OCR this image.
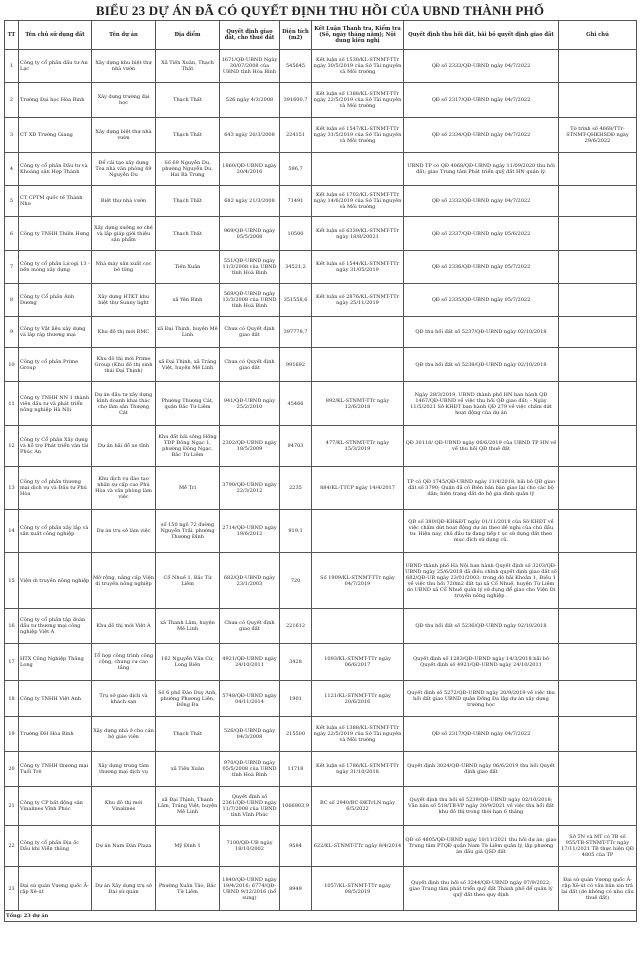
BIỂU 23 DỰ ÁN ĐÃ CÓ QUYẾT ĐỊNH THU HỒI CỦA UBND THÀNH PHỐ
TT	Tên chủ sử dụng đất	Tên dự án	Địa điểm	Quyết định giao đất, cho thuê đất	Diện tích (m2)	Kết Luận Thanh tra, Kiểm tra (Số, ngày tháng năm); Nội dung kiến nghị	Quyết định thu hồi đất, bãi bỏ quyết định giao đất	Ghi chú
1	Công ty cổ phần đầu tư An Lạc	Xây dựng khu biệt thự nhà vườn	Xã Tiến Xuân, Thạch Thất	1671/QĐ-UBND Ngày 30/07/2008 của UBND tỉnh Hòa Bình	545645	Kết luận số 1530/KL-STNMT-TTr ngày 30/5/2019 của Sở Tài nguyên và Môi trường	QĐ số 2333/QĐ-UBND ngày 04/7/2022	
2	Trường Đại học Hòa Bình	Xây dựng trường đại học	Thạch Thất	526 ngày 4/3/2008	391600,7	Kết luận số 1388/KL-STNMT-TTr ngày 22/5/2019 của Sở Tài nguyên và Môi trường	QĐ số 2317/QĐ-UBND ngày 04/7/2022	
3	CT XD Trường Giang	Xây dựng biệt thự nhà vườn	Thạch Thất	643 ngày 20/3/2008	224151	Kết luận số 1547/KL-STNMT-TTr ngày 31/5/2019 của Sở Tài nguyên và Môi trường	QĐ số 2334/QĐ-UBND ngày 04/7/2022	Tờ trình số 4668/TTr-STNMT-QHKHSDĐ ngày 29/6/2022
4	Công ty cổ phần Đầu tư và Khoáng sản Hợp Thành	Để cải tạo xây dựng Tòa nhà văn phòng 69 Nguyễn Du	Số 69 Nguyễn Du, phường Nguyễn Du, Hai Bà Trưng	1860/QĐ-UBND ngày 20/4/2016	596,7		UBND TP có QĐ 4068/QĐ-UBND ngày 11/09/2020 thu hồi đất; giao Trung tâm Phát triển quỹ đất HN quản lý.	
5	CT CPTM quốc tế Thành Nhơ	Biệt thự nhà vườn	Thạch Thất	682 ngày 21/3/2008	71491	Kết luận số 1702/KL-STNMT-TTr ngày 14/6/2019 của Sở Tài nguyên và Môi trường	QĐ số 2332/QĐ-UBND ngày 04/7/2022	
6	Công ty TNHH Thiên Hưng	Xây dựng xưởng sơ chế và lắp giáp giới thiệu sản phẩm	Thạch Thất	969/QĐ-UBND ngày 05/5/2008	10500	Kết luận số 6339/KL-STNMT-TTr ngày 18/8/20021	QĐ số 2337/QĐ-UBND ngày 05/6/2022	
7	Công ty cổ phần Licogi 13 - nền móng xây dựng	Nhà máy sản xuất cọc bê tông	Tiến Xuân	551/QĐ-UBND ngày 11/3/2008 của UBND tỉnh Hoà Bình	34521,2	Kết luận số 1544/KL-STNMT-TTr ngày 31/05/2019	QĐ số 2336/QĐ-UBND ngày 05/7/2022	
8	Công ty Cổ phần Ánh Dương	Xây dựng HTKT khu biệt thự Sunny light	xã Yên Bình	569/QĐ-UBND ngày 13/3/2008 của UBND tỉnh Hoà Bình	351558,6	Kết luận số 2876/KL-STNMT-TTr ngày 25/11/2019	QĐ số 2335/QĐ-UBND ngày 05/7/2022	
9	Công ty Vật liệu xây dựng và lắp ráp thương mại	Khu đô thị mới BMC	xã Đại Thịnh, huyện Mê Linh	Chưa có Quyết định giao đất	397778,7		QĐ thu hồi đất số 5237/QĐ-UBND ngày 02/10/2018	
10	Công ty cổ phần Prime Group	Khu đô thị mới Prime Group (Khu đô thị sinh thái Đại Thịnh)	xã Đại Thịnh, xã Tráng Việt, huyện Mê Linh	Chưa có Quyết định giao đất	991692		QĐ thu hồi đất số 5238/QĐ-UBND ngày 02/10/2018	
11	Công ty TNHH NN 1 thành viên đầu tư và phát triển nông nghiệp Hà Nội	Dự án đầu tư xây dựng kinh doanh khai thác chợ lâm sản Thượng Cát	Phường Thượng Cát, quận Bắc Từ Liêm	941/QĐ-UBND ngày 25/2/2010	45466	892/KL-STNMT-TTr ngày 12/6/2018	Ngày 28/3/2019, UBND thành phố HN ban hành QĐ 1467/QĐ-UBND về việc thu hồi QĐ giao đất; - Ngày 11/5/2021 Sở KHĐT ban hành QĐ 279 về việc chấm dứt hoạt động của dự án	
12	Công ty Cổ phần Xây dựng và hỗ trợ Phát triển văn tài Phúc An	Dự án bãi đỗ xe tĩnh	Khu đất bãi sông Hồng TDP Đông Ngạc 1, phường Đông Ngạc, Bắc Từ Liêm	2302/QĐ-UBND ngày 18/5/2009	94703	477/KL-STNMT-TTr ngày 15/3/2019	QĐ 30118/ QĐ-UBND ngày 06/6/2019 của UBND TP HN về về thu hồi QĐ thuê đất	
13	Công ty cổ phần thương mại dịch vụ và Đầu tư Phú Hòa	Khu dịch vụ đào tạo nhân sự cấp cao Phú Hòa và văn phòng làm việc	Mễ Trì	3790/QĐ-UBND ngày 22/3/2012	2235	884/KL-TTCP ngày 14/4/2017	TP có QĐ 1745/QĐ-UBND ngày 11/4/2018, bãi bỏ QĐ giao đất số 3790; Quận đã có Biên bản bàn giao lại cho các bộ dân; hiện trạng đất do hộ gia đình quản lý	
14	Công ty cổ phần xây lắp và sản xuất công nghiệp	Dự án trụ sở làm việc	số 150 ngõ 72 đường Nguyễn Trãi, phường Thượng Đình	2714/QĐ-UBND ngày 19/6/2012	919,1		QĐ số 380/QĐ-KH&ĐT ngày 01/11/2018 của Sở KHĐT về việc chấm dứt hoạt động dự án theo đề nghị của chủ đầu tư. Hiện nay, chủ đầu tư đang tiếp t ục sử dụng đất theo mục đích sử dụng cũ.	
15	Viện di truyền nông nghiệp	Mở rộng, nâng cấp Viện di truyền nông nghiệp	Cổ Nhuế 1, Bắc Từ Liêm	682/QĐ-UBND ngày 23/1/2003	720	Số 1909/KL-STNMT-TTr ngày 04/7/2019	UBND thành phố Hà Nội ban hành Quyết định số 3203/QĐ-UBND ngày 25/6/2018 đã điều chỉnh quyết định giao đất số 682/QĐ-UB ngày 23/01/2003; trong đó bãi Khoản 1, Điều 1 về việc thu hồi 720m2 đất tại xã Cổ Nhuế, huyện Từ Liêm do UBND xã Cổ Nhuế quản lý sử dụng để giao cho Viện Di truyền nông nghiệp .	
16	Công ty cổ phần tập đoàn đầu tư thương mại công nghiệp Việt Á	Khu đô thị mới Việt Á	xã Thanh Lâm, huyện Mê Linh	Chưa có Quyết định giao đất	221612		QĐ thu hồi đất số 5236/QĐ-UBND ngày 02/10/2018	
17	HTX Công Nghiệp Thăng Long	Tổ hợp công trình công cộng, chung cư cao tầng	162 Nguyễn Văn Cừ, Long Biên	4921/QĐ-UBND ngày 24/10/2011	3428	1093/KL-STNMT-TTr ngày 06/6/2017	Quyết định số 1283/QĐ-UBND ngày 14/3/2018 bãi bỏ Quyết định số 4921/QĐ-UBND ngày 24/10/2011	
18	Công ty TNHH Việt Anh	Trụ sở giao dịch và khách sạn	Số 6 phố Đào Duy Anh, phường Phương Liên, Đống Đa	5748/QĐ-UBND ngày 04/11/2014	1901	1121/KL-STNMT-TTr ngày 20/6/2016	Quyết định số 5272/QĐ-UBND ngày 20/9/2019 về việc thu hồi đất giao UBND quận Đống Đa lập dự án xây dựng trường học	
19	Trường ĐH Hòa Bình	Xây dựng nhà ở cho cán bộ giáo viên	Thạch Thất	526/QĐ-UBND ngày 04/3/2008	215500	Kết luận số 1388/KL-STNMT-TTr ngày 22/5/2019 của Sở Tài nguyên và Môi trường	QĐ số 2317/QĐ-UBND ngày 04/7/2022	
20	Công ty TNHH thương mại Tuổi Trẻ	Xây dựng trung tâm thương mại dịch vụ	xã Tiến Xuân	970/QĐ-UBND ngày 05/5/2008 của UBND tỉnh Hoà Bình	11718	Kết luận số 1786/KL-STNMT-TTr ngày 31/10/2018	Quyết định 3024/QĐ-UBND ngày 06/6/2019 thu hồi Quyết định giao đất	
21	Công ty CP bất động sản Vinalines Vĩnh Phúc	Khu đô thị mới Vinalines	xã Đại Thịnh, Thanh Lâm, Tráng Việt, huyện Mê Linh	Quyết định số 2361/QĐ-UBND ngày 11/7/2008 của UBND tỉnh Vĩnh Phúc	1066903,9	BC số 2940/BC-ĐKTrLN ngày 6/5/2022	Quyết định thu hồi số 5239/QĐ-UBND ngày 02/10/2018; Văn bản số 518/TB-VP ngày 30/9/2021 về việc thu hồi đất khu đô thị trong thời hạn 6 tháng	
22	Công ty cổ phần Địa ốc Dầu khí Viễn thông	Dự án Nam Đàn Plaza	Mỹ Đình 1	7100/QĐ-UB ngày 18/10/2002	9584	622/KL-STNMT-TTr ngày 8/4/2014	QĐ số 4805/QĐ-UBND ngày 10/11/2021 thu hồi dự án; giao Trung tâm PTQĐ quận Nam Từ Liêm quản lý, lập phương án đấu giá QSD đất	Sở TN và MT có TB số 955/TB-STNMT-TTr ngày 17/11/2021 TB thực hiện QĐ 4805 của TP
23	Đại sứ quán Vương quốc Ả-rập Xê-út	Dự án Xây dựng trụ sở Đại sứ quán	Phường Xuân Tảo, Bắc Từ Liêm	1840/QĐ-UBND ngày 19/4/2016; 6774/QĐ-UBND 9/12/2016 (bổ sung)	8949	1057/KL-STNMT-TTr ngày 08/5/2019	Quyết định thu hồi số 3244/QĐ-UBND ngày 07/9/2022; giao Trung tâm phát triển quỹ đất Thành phố để quản lý quỹ đất theo quy định	Đại sứ quán Vương quốc Ả-rập Xê-út có văn bản xin trả lại đất (do không có nhu cầu thuê đất)
Tổng: 23 dự án								
